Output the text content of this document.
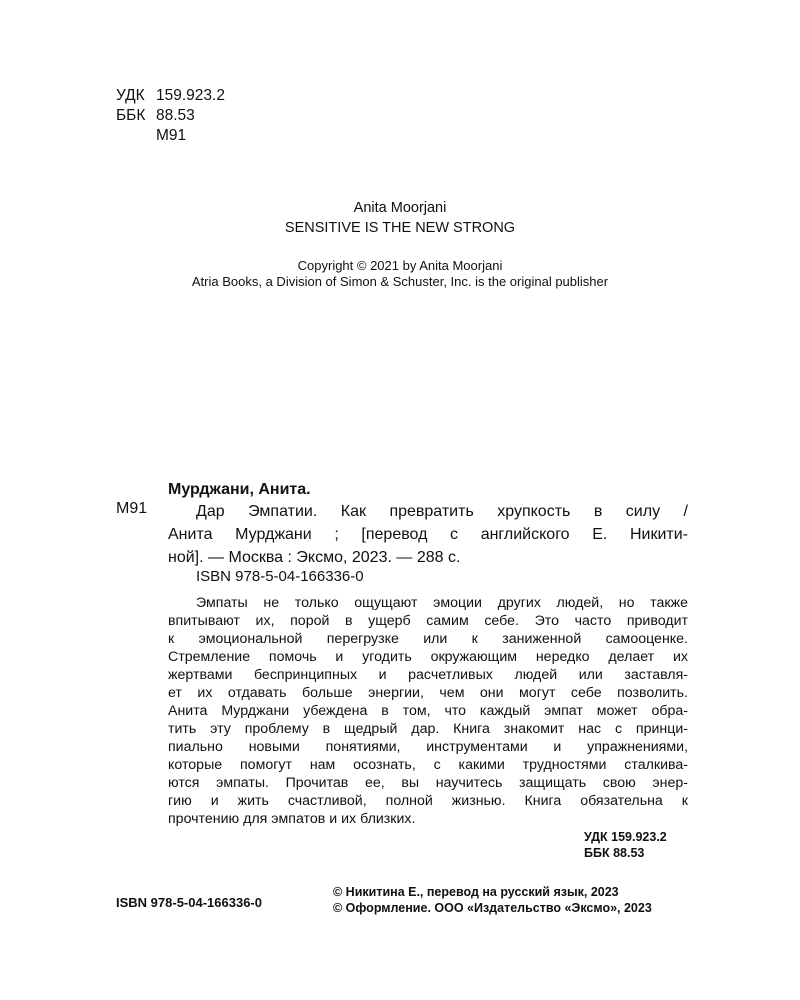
УДК 159.923.2
ББК 88.53
М91
Anita Moorjani
SENSITIVE IS THE NEW STRONG
Copyright © 2021 by Anita Moorjani
Atria Books, a Division of Simon & Schuster, Inc. is the original publisher
Мурджани, Анита.
М91	Дар Эмпатии. Как превратить хрупкость в силу /
Анита Мурджани ; [перевод с английского Е. Никити-
ной]. — Москва : Эксмо, 2023. — 288 с.
ISBN 978-5-04-166336-0
Эмпаты не только ощущают эмоции других людей, но также
впитывают их, порой в ущерб самим себе. Это часто приводит
к эмоциональной перегрузке или к заниженной самооценке.
Стремление помочь и угодить окружающим нередко делает их
жертвами беспринципных и расчетливых людей или заставля-
ет их отдавать больше энергии, чем они могут себе позволить.
Анита Мурджани убеждена в том, что каждый эмпат может обра-
тить эту проблему в щедрый дар. Книга знакомит нас с принци-
пиально новыми понятиями, инструментами и упражнениями,
которые помогут нам осознать, с какими трудностями сталкива-
ются эмпаты. Прочитав ее, вы научитесь защищать свою энер-
гию и жить счастливой, полной жизнью. Книга обязательна к
прочтению для эмпатов и их близких.
УДК 159.923.2
ББК 88.53
ISBN 978-5-04-166336-0
© Никитина Е., перевод на русский язык, 2023
© Оформление. ООО «Издательство «Эксмо», 2023
